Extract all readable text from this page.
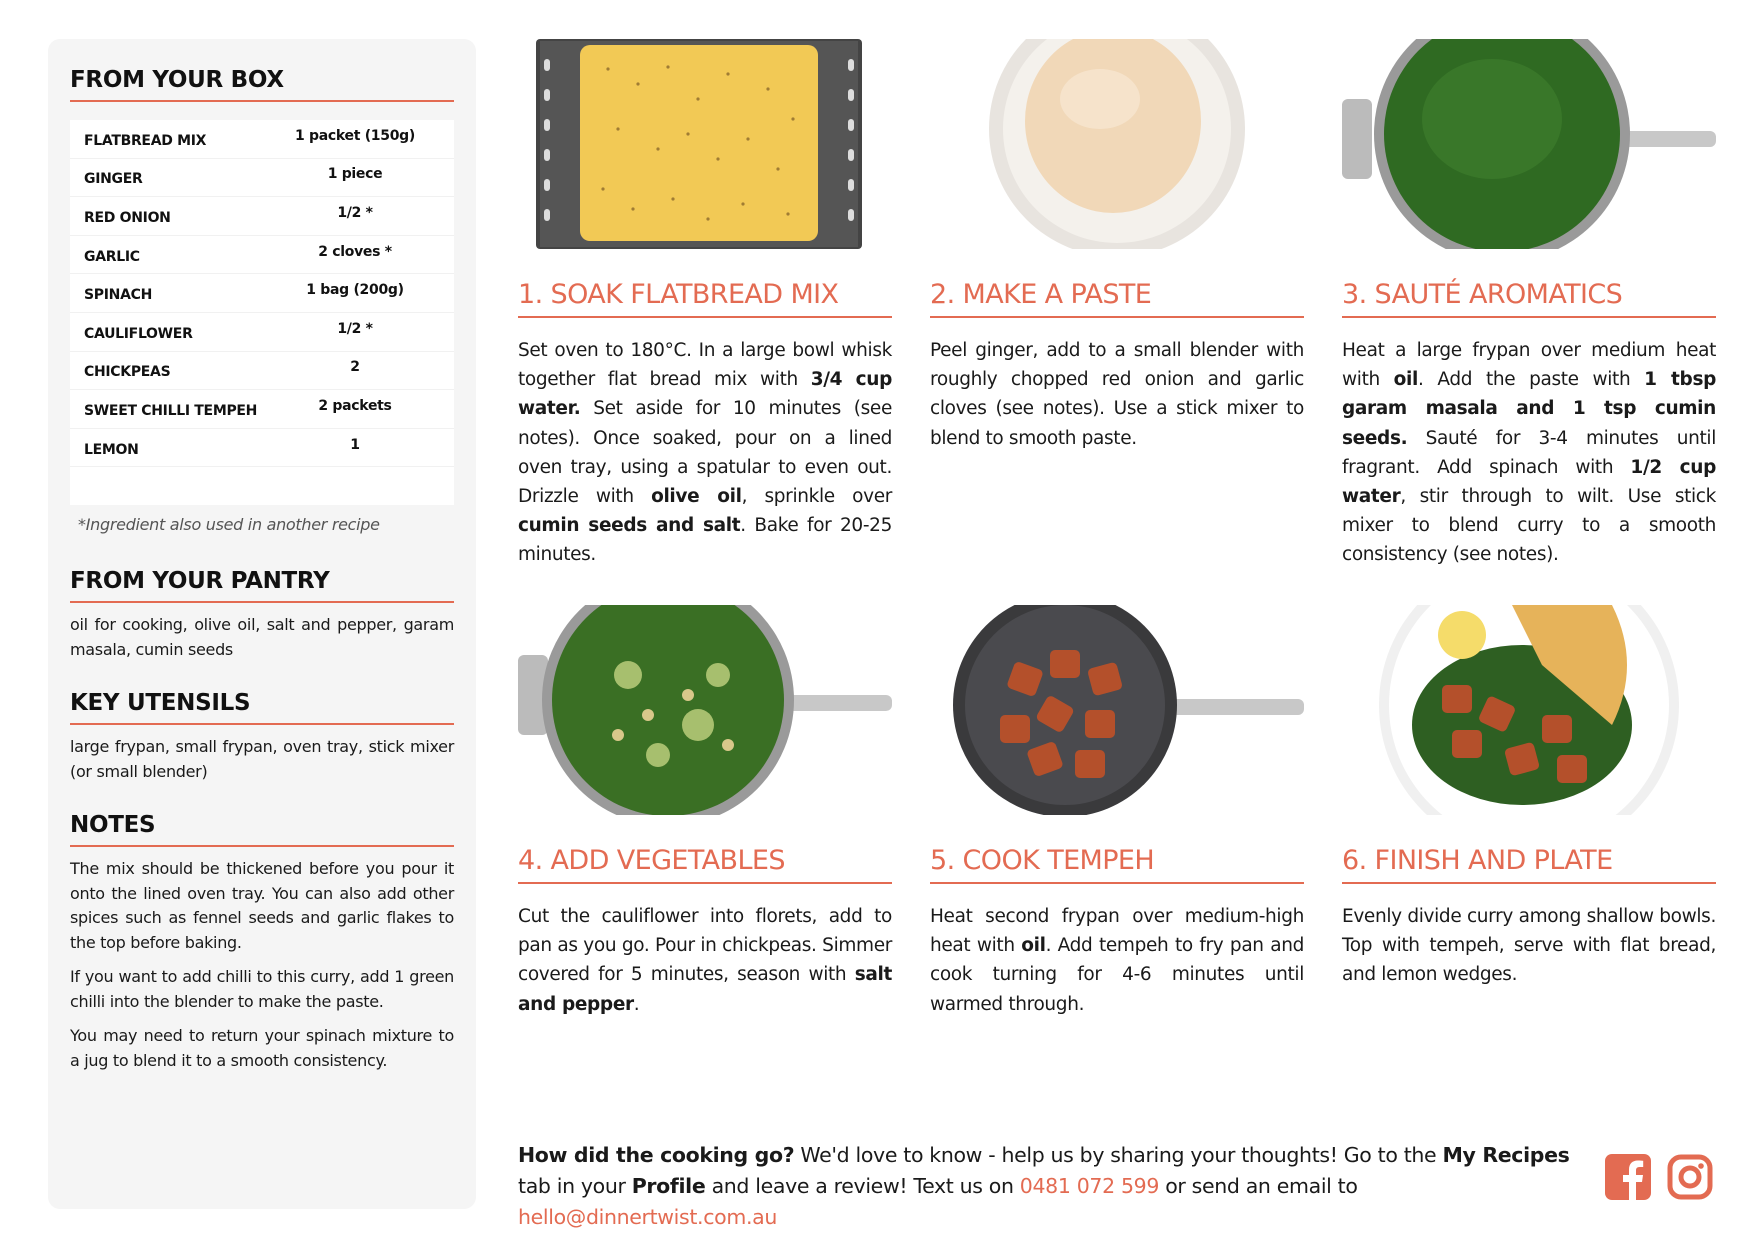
FROM YOUR BOX
FLATBREAD MIX	1 packet (150g)
GINGER	1 piece
RED ONION	1/2 *
GARLIC	2 cloves *
SPINACH	1 bag (200g)
CAULIFLOWER	1/2 *
CHICKPEAS	2
SWEET CHILLI TEMPEH	2 packets
LEMON	1
*Ingredient also used in another recipe
FROM YOUR PANTRY
oil for cooking, olive oil, salt and pepper, garam masala, cumin seeds
KEY UTENSILS
large frypan, small frypan, oven tray, stick mixer (or small blender)
NOTES

The mix should be thickened before you pour it onto the lined oven tray. You can also add other spices such as fennel seeds and garlic flakes to the top before baking.

If you want to add chilli to this curry, add 1 green chilli into the blender to make the paste.

You may need to return your spinach mixture to a jug to blend it to a smooth consistency.

1. SOAK FLATBREAD MIX
Set oven to 180°C. In a large bowl whisk together flat bread mix with 3/4 cup water. Set aside for 10 minutes (see notes). Once soaked, pour on a lined oven tray, using a spatular to even out. Drizzle with olive oil, sprinkle over cumin seeds and salt. Bake for 20-25 minutes.
2. MAKE A PASTE
Peel ginger, add to a small blender with roughly chopped red onion and garlic cloves (see notes). Use a stick mixer to blend to smooth paste.
3. SAUTÉ AROMATICS
Heat a large frypan over medium heat with oil. Add the paste with 1 tbsp garam masala and 1 tsp cumin seeds. Sauté for 3-4 minutes until fragrant. Add spinach with 1/2 cup water, stir through to wilt. Use stick mixer to blend curry to a smooth consistency (see notes).
4. ADD VEGETABLES
Cut the cauliflower into florets, add to pan as you go. Pour in chickpeas. Simmer covered for 5 minutes, season with salt and pepper.
5. COOK TEMPEH
Heat second frypan over medium-high heat with oil. Add tempeh to fry pan and cook turning for 4-6 minutes until warmed through.
6. FINISH AND PLATE
Evenly divide curry among shallow bowls. Top with tempeh, serve with flat bread, and lemon wedges.
How did the cooking go? We'd love to know - help us by sharing your thoughts! Go to the My Recipes tab in your Profile and leave a review! Text us on 0481 072 599 or send an email to hello@dinnertwist.com.au
